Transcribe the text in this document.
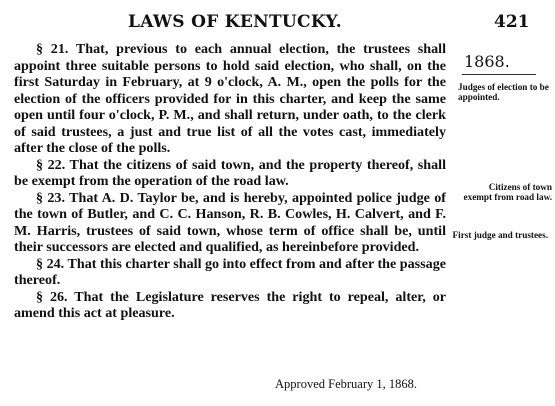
LAWS OF KENTUCKY.	421

§ 21. That, previous to each annual election, the trustees shall appoint three suitable persons to hold said election, who shall, on the first Saturday in February, at 9 o'clock, A. M., open the polls for the election of the officers provided for in this charter, and keep the same open until four o'clock, P. M., and shall return, under oath, to the clerk of said trustees, a just and true list of all the votes cast, immediately after the close of the polls.

§ 22. That the citizens of said town, and the property thereof, shall be exempt from the operation of the road law.

§ 23. That A. D. Taylor be, and is hereby, appointed police judge of the town of Butler, and C. C. Hanson, R. B. Cowles, H. Calvert, and F. M. Harris, trustees of said town, whose term of office shall be, until their successors are elected and qualified, as hereinbefore provided.

§ 24. That this charter shall go into effect from and after the passage thereof.

§ 26. That the Legislature reserves the right to repeal, alter, or amend this act at pleasure.

1868.
Judges of election to be appointed.
Citizens of town exempt from road law.
First judge and trustees.
Approved February 1, 1868.
